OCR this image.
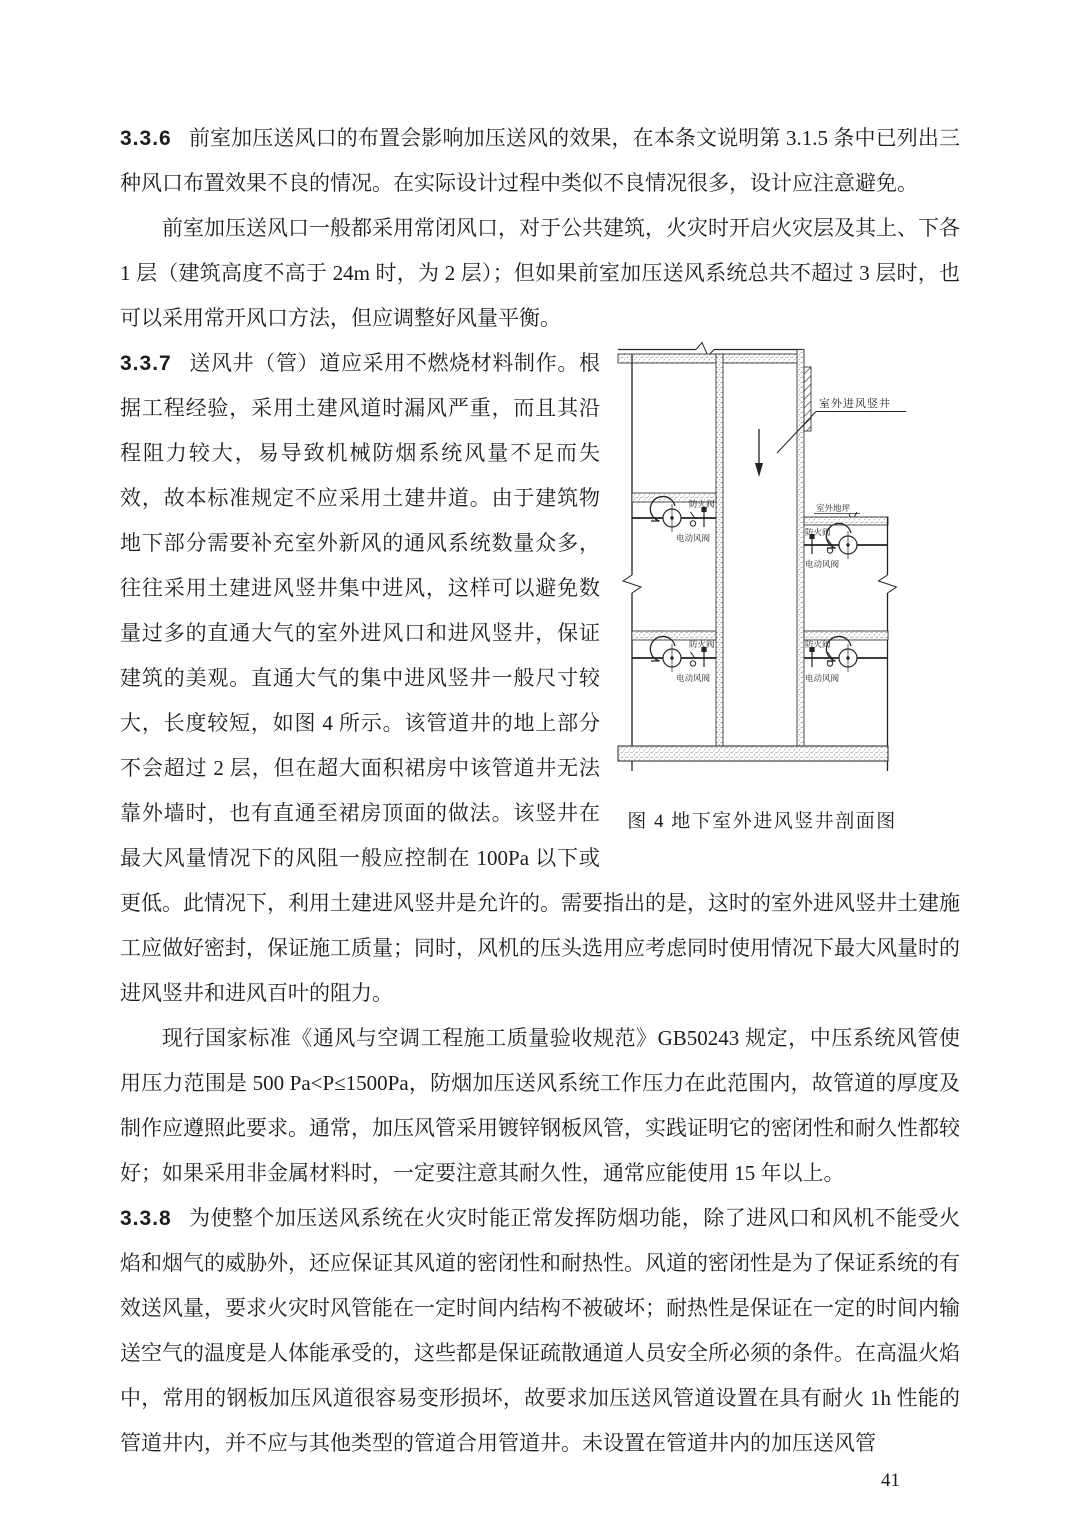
3.3.6 前室加压送风口的布置会影响加压送风的效果，在本条文说明第 3.1.5 条中已列出三种风口布置效果不良的情况。在实际设计过程中类似不良情况很多，设计应注意避免。

前室加压送风口一般都采用常闭风口，对于公共建筑，火灾时开启火灾层及其上、下各 1 层（建筑高度不高于 24m 时，为 2 层）；但如果前室加压送风系统总共不超过 3 层时，也可以采用常开风口方法，但应调整好风量平衡。

室外进风竖井
防火阀
电动风阀
室外地坪
防火阀
电动风阀
防火阀
电动风阀
防火阀
电动风阀
图 4 地下室外进风竖井剖面图
3.3.7 送风井（管）道应采用不燃烧材料制作。根据工程经验，采用土建风道时漏风严重，而且其沿程阻力较大，易导致机械防烟系统风量不足而失效，故本标准规定不应采用土建井道。由于建筑物地下部分需要补充室外新风的通风系统数量众多，往往采用土建进风竖井集中进风，这样可以避免数量过多的直通大气的室外进风口和进风竖井，保证建筑的美观。直通大气的集中进风竖井一般尺寸较大，长度较短，如图 4 所示。该管道井的地上部分不会超过 2 层，但在超大面积裙房中该管道井无法靠外墙时，也有直通至裙房顶面的做法。该竖井在最大风量情况下的风阻一般应控制在 100Pa 以下或更低。此情况下，利用土建进风竖井是允许的。需要指出的是，这时的室外进风竖井土建施工应做好密封，保证施工质量；同时，风机的压头选用应考虑同时使用情况下最大风量时的进风竖井和进风百叶的阻力。

现行国家标准《通风与空调工程施工质量验收规范》GB50243 规定，中压系统风管使用压力范围是 500 Pa<P≤1500Pa，防烟加压送风系统工作压力在此范围内，故管道的厚度及制作应遵照此要求。通常，加压风管采用镀锌钢板风管，实践证明它的密闭性和耐久性都较好；如果采用非金属材料时，一定要注意其耐久性，通常应能使用 15 年以上。

3.3.8 为使整个加压送风系统在火灾时能正常发挥防烟功能，除了进风口和风机不能受火焰和烟气的威胁外，还应保证其风道的密闭性和耐热性。风道的密闭性是为了保证系统的有效送风量，要求火灾时风管能在一定时间内结构不被破坏；耐热性是保证在一定的时间内输送空气的温度是人体能承受的，这些都是保证疏散通道人员安全所必须的条件。在高温火焰中，常用的钢板加压风道很容易变形损坏，故要求加压送风管道设置在具有耐火 1h 性能的管道井内，并不应与其他类型的管道合用管道井。未设置在管道井内的加压送风管

41
